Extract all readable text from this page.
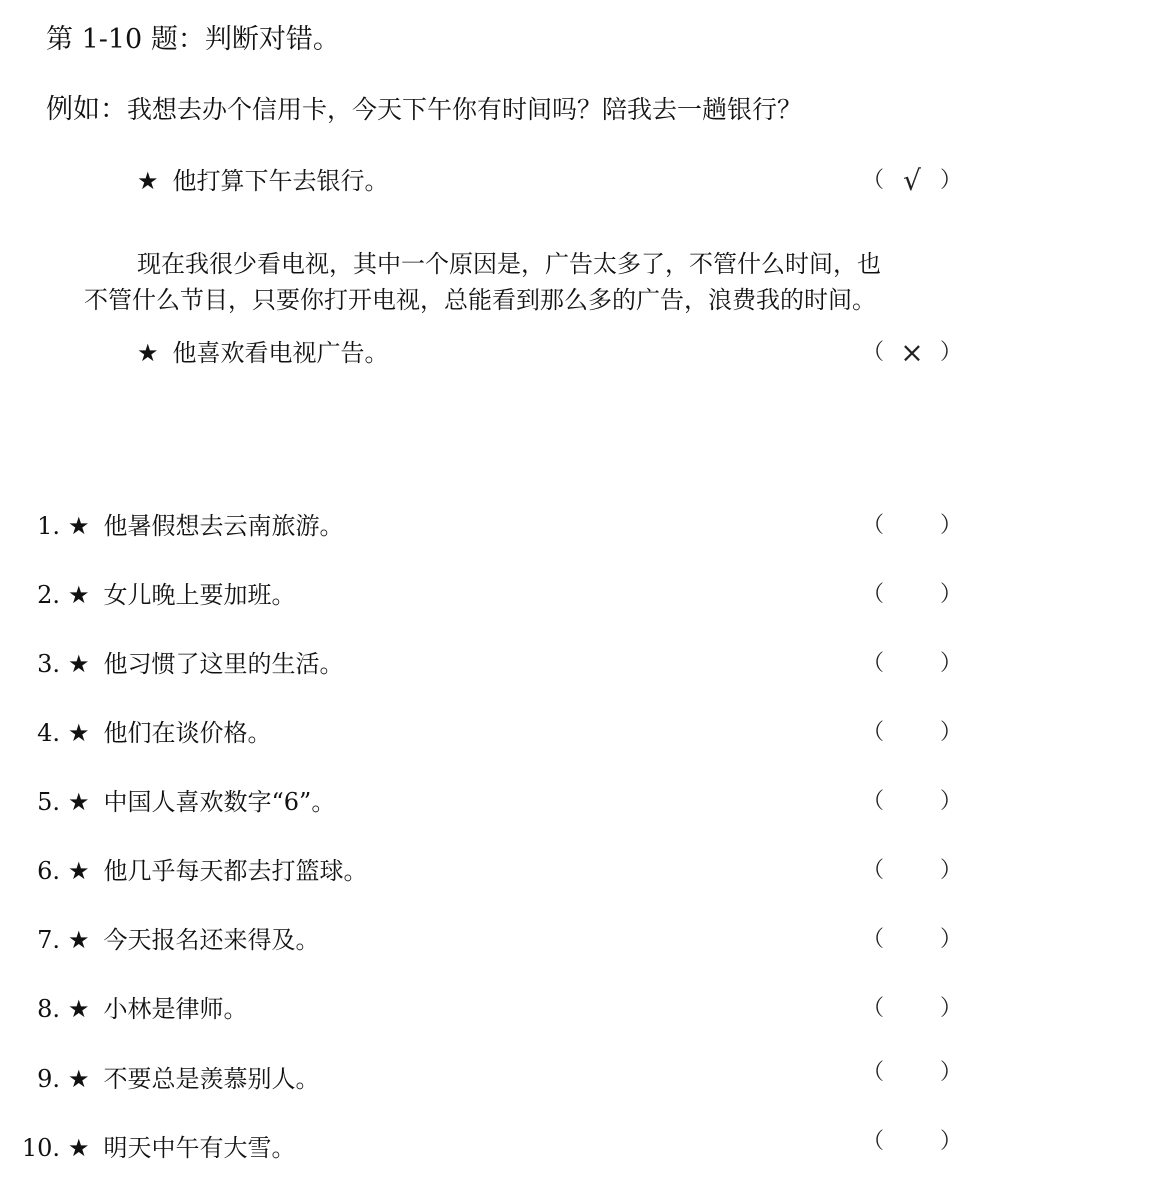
第 1-10 题：判断对错。
例如：我想去办个信用卡，今天下午你有时间吗？陪我去一趟银行？
★ 他打算下午去银行。	（ √ ）

现在我很少看电视，其中一个原因是，广告太多了，不管什么时间，也

不管什么节目，只要你打开电视，总能看到那么多的广告，浪费我的时间。

★ 他喜欢看电视广告。	（ × ）
1. ★ 他暑假想去云南旅游。	（	）
2. ★ 女儿晚上要加班。	（	）
3. ★ 他习惯了这里的生活。	（	）
4. ★ 他们在谈价格。	（	）
5. ★ 中国人喜欢数字“6”。	（	）
6. ★ 他几乎每天都去打篮球。	（	）
7. ★ 今天报名还来得及。	（	）
8. ★ 小林是律师。	（	）
9. ★ 不要总是羡慕别人。	（	）
10. ★ 明天中午有大雪。	（	）
